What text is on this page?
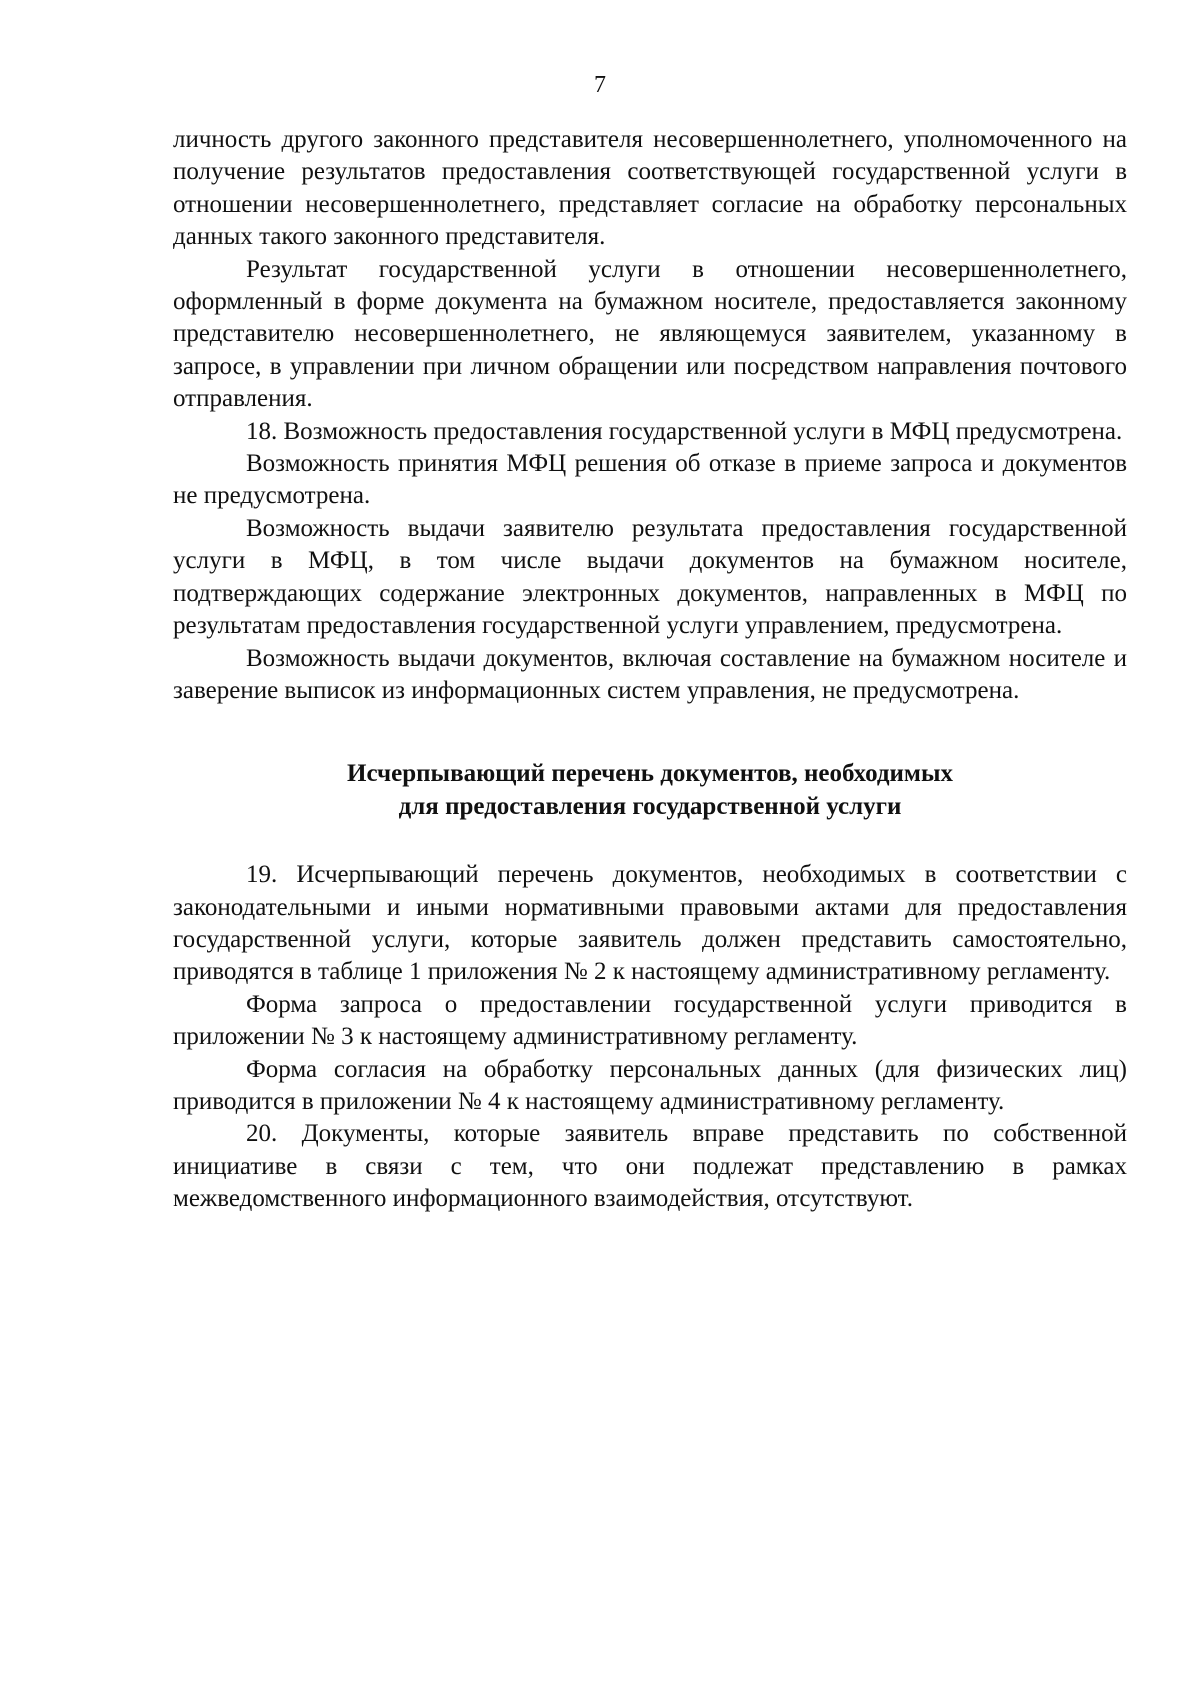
7

личность другого законного представителя несовершеннолетнего, уполномоченного на получение результатов предоставления соответствующей государственной услуги в отношении несовершеннолетнего, представляет согласие на обработку персональных данных такого законного представителя.

Результат государственной услуги в отношении несовершеннолетнего, оформленный в форме документа на бумажном носителе, предоставляется законному представителю несовершеннолетнего, не являющемуся заявителем, указанному в запросе, в управлении при личном обращении или посредством направления почтового отправления.

18. Возможность предоставления государственной услуги в МФЦ предусмотрена.

Возможность принятия МФЦ решения об отказе в приеме запроса и документов не предусмотрена.

Возможность выдачи заявителю результата предоставления государственной услуги в МФЦ, в том числе выдачи документов на бумажном носителе, подтверждающих содержание электронных документов, направленных в МФЦ по результатам предоставления государственной услуги управлением, предусмотрена.

Возможность выдачи документов, включая составление на бумажном носителе и заверение выписок из информационных систем управления, не предусмотрена.

Исчерпывающий перечень документов, необходимых
для предоставления государственной услуги

19. Исчерпывающий перечень документов, необходимых в соответствии с законодательными и иными нормативными правовыми актами для предоставления государственной услуги, которые заявитель должен представить самостоятельно, приводятся в таблице 1 приложения № 2 к настоящему административному регламенту.

Форма запроса о предоставлении государственной услуги приводится в приложении № 3 к настоящему административному регламенту.

Форма согласия на обработку персональных данных (для физических лиц) приводится в приложении № 4 к настоящему административному регламенту.

20. Документы, которые заявитель вправе представить по собственной инициативе в связи с тем, что они подлежат представлению в рамках межведомственного информационного взаимодействия, отсутствуют.
